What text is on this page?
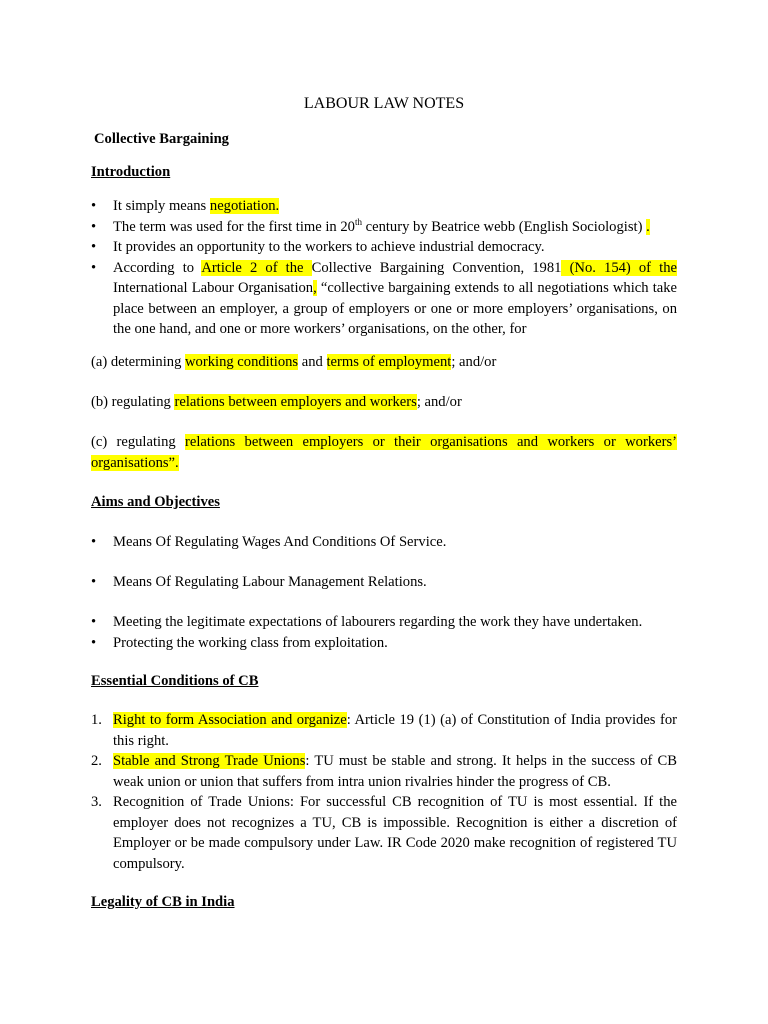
LABOUR LAW NOTES
Collective Bargaining
Introduction
• It simply means negotiation.
• The term was used for the first time in 20th century by Beatrice webb (English Sociologist) .
• It provides an opportunity to the workers to achieve industrial democracy.
• According to Article 2 of the Collective Bargaining Convention, 1981 (No. 154) of the International Labour Organisation, “collective bargaining extends to all negotiations which take place between an employer, a group of employers or one or more employers’ organisations, on the one hand, and one or more workers’ organisations, on the other, for
(a) determining working conditions and terms of employment; and/or
(b) regulating relations between employers and workers; and/or
(c) regulating relations between employers or their organisations and workers or workers’ organisations”.
Aims and Objectives
• Means Of Regulating Wages And Conditions Of Service.
• Means Of Regulating Labour Management Relations.
• Meeting the legitimate expectations of labourers regarding the work they have undertaken.
• Protecting the working class from exploitation.
Essential Conditions of CB
1. Right to form Association and organize: Article 19 (1) (a) of Constitution of India provides for this right.
2. Stable and Strong Trade Unions: TU must be stable and strong. It helps in the success of CB weak union or union that suffers from intra union rivalries hinder the progress of CB.
3. Recognition of Trade Unions: For successful CB recognition of TU is most essential. If the employer does not recognizes a TU, CB is impossible. Recognition is either a discretion of Employer or be made compulsory under Law. IR Code 2020 make recognition of registered TU compulsory.
Legality of CB in India
